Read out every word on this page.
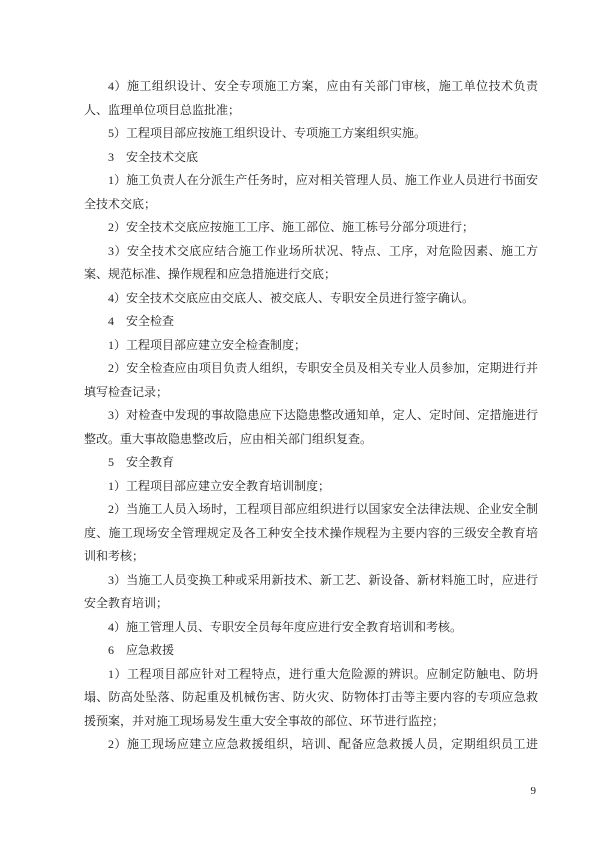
4）施工组织设计、安全专项施工方案，应由有关部门审核，施工单位技术负责人、监理单位项目总监批准；

5）工程项目部应按施工组织设计、专项施工方案组织实施。

3　安全技术交底

1）施工负责人在分派生产任务时，应对相关管理人员、施工作业人员进行书面安全技术交底；

2）安全技术交底应按施工工序、施工部位、施工栋号分部分项进行；

3）安全技术交底应结合施工作业场所状况、特点、工序，对危险因素、施工方案、规范标准、操作规程和应急措施进行交底；

4）安全技术交底应由交底人、被交底人、专职安全员进行签字确认。

4　安全检查

1）工程项目部应建立安全检查制度；

2）安全检查应由项目负责人组织，专职安全员及相关专业人员参加，定期进行并填写检查记录；

3）对检查中发现的事故隐患应下达隐患整改通知单，定人、定时间、定措施进行整改。重大事故隐患整改后，应由相关部门组织复查。

5　安全教育

1）工程项目部应建立安全教育培训制度；

2）当施工人员入场时，工程项目部应组织进行以国家安全法律法规、企业安全制度、施工现场安全管理规定及各工种安全技术操作规程为主要内容的三级安全教育培训和考核；

3）当施工人员变换工种或采用新技术、新工艺、新设备、新材料施工时，应进行安全教育培训；

4）施工管理人员、专职安全员每年度应进行安全教育培训和考核。

6　应急救援

1）工程项目部应针对工程特点，进行重大危险源的辨识。应制定防触电、防坍塌、防高处坠落、防起重及机械伤害、防火灾、防物体打击等主要内容的专项应急救援预案，并对施工现场易发生重大安全事故的部位、环节进行监控；

2）施工现场应建立应急救援组织，培训、配备应急救援人员，定期组织员工进

9
